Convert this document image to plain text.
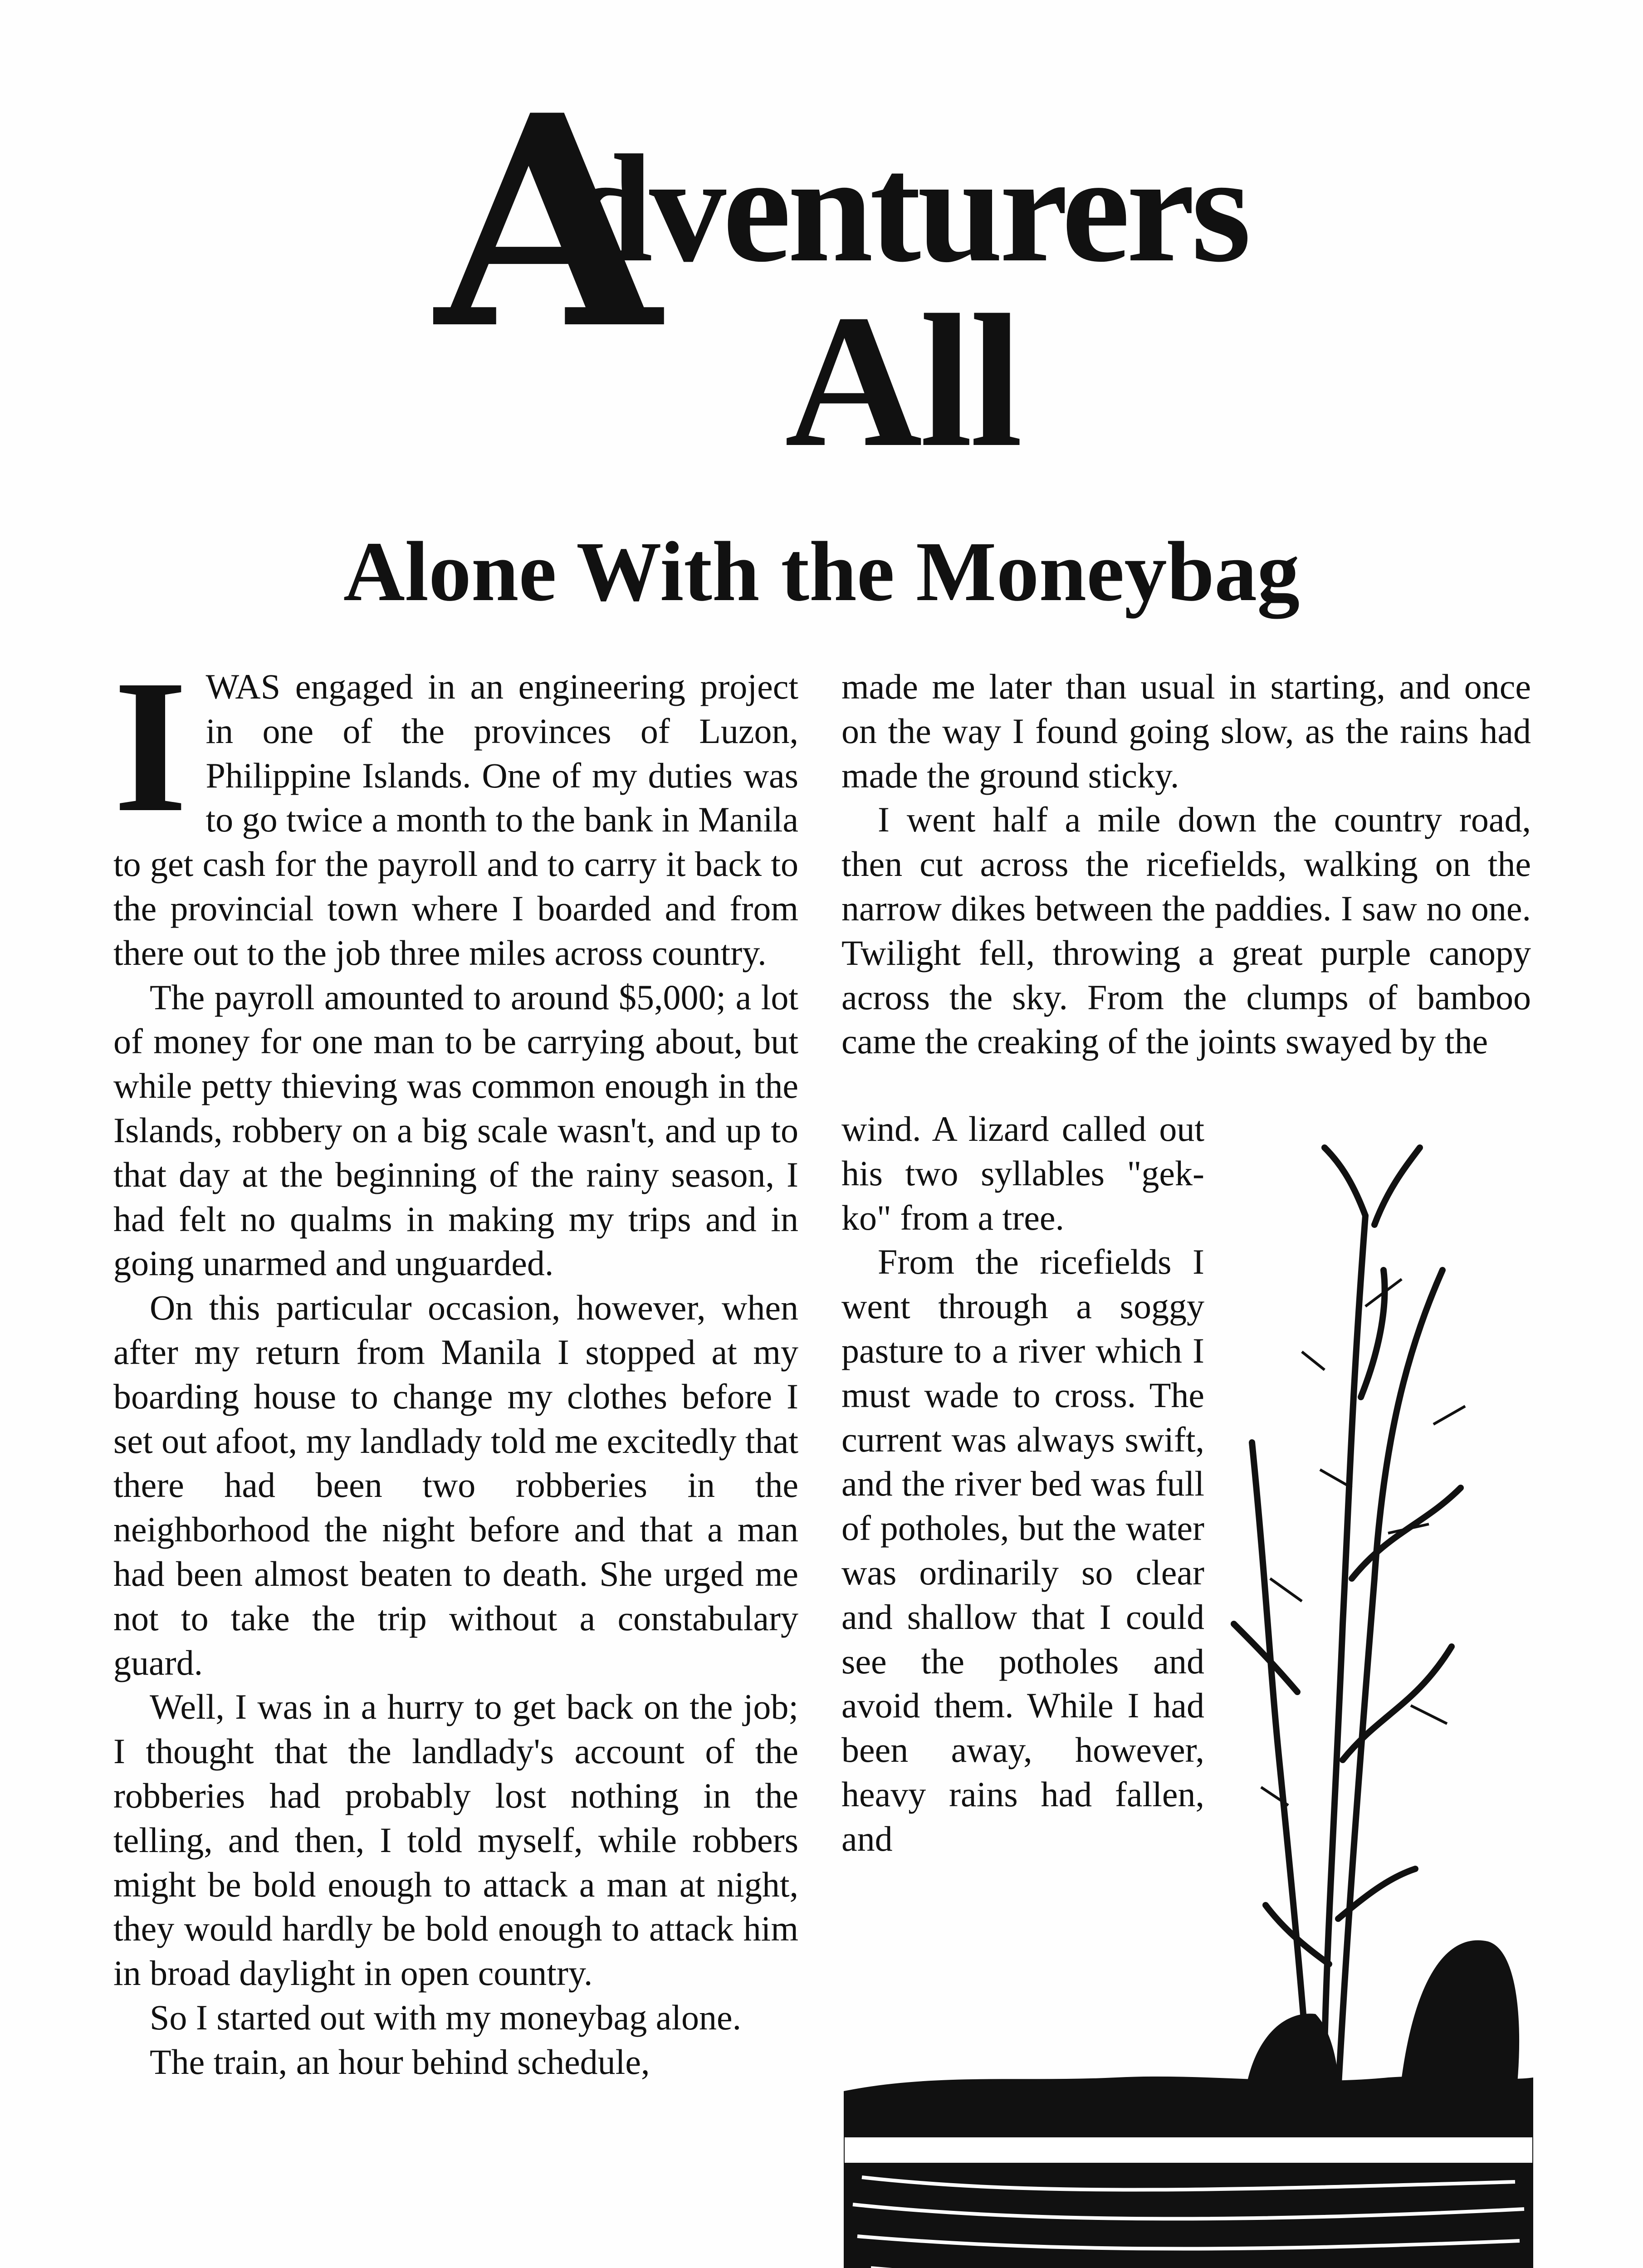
A
dventurers
All
Alone With the Moneybag

IWAS engaged in an engineering project in one of the provinces of Luzon, Philippine Islands. One of my duties was to go twice a month to the bank in Manila to get cash for the payroll and to carry it back to the provincial town where I boarded and from there out to the job three miles across country.

The payroll amounted to around $5,000; a lot of money for one man to be carrying about, but while petty thieving was common enough in the Islands, robbery on a big scale wasn't, and up to that day at the beginning of the rainy season, I had felt no qualms in making my trips and in going unarmed and unguarded.

On this particular occasion, however, when after my return from Manila I stopped at my boarding house to change my clothes before I set out afoot, my landlady told me excitedly that there had been two robberies in the neighborhood the night before and that a man had been almost beaten to death. She urged me not to take the trip without a constabulary guard.

Well, I was in a hurry to get back on the job; I thought that the landlady's account of the robberies had probably lost nothing in the telling, and then, I told myself, while robbers might be bold enough to attack a man at night, they would hardly be bold enough to attack him in broad daylight in open country.

So I started out with my moneybag alone.

The train, an hour behind schedule,

made me later than usual in starting, and once on the way I found going slow, as the rains had made the ground sticky.

I went half a mile down the country road, then cut across the ricefields, walking on the narrow dikes between the paddies. I saw no one. Twilight fell, throwing a great purple canopy across the sky. From the clumps of bamboo came the creaking of the joints swayed by the

wind. A lizard called out his two syllables "gek-ko" from a tree.

From the ricefields I went through a soggy pasture to a river which I must wade to cross. The current was always swift, and the river bed was full of potholes, but the water was ordinarily so clear and shallow that I could see the potholes and avoid them. While I had been away, however, heavy rains had fallen, and
